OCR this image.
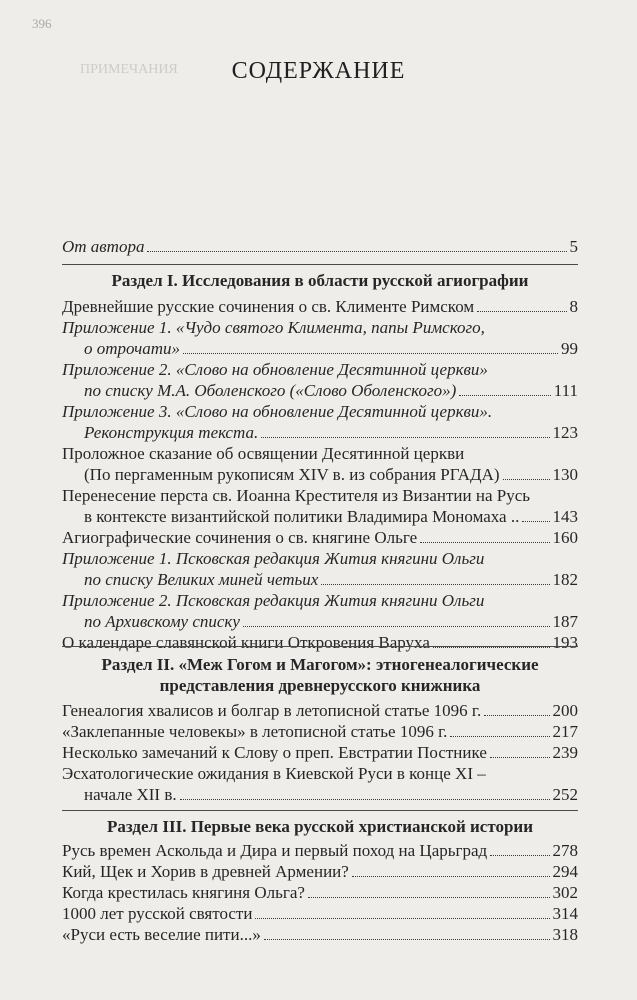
396
ПРИМЕЧАНИЯ

	СОДЕРЖАНИЕ
От автора	5
Раздел I. Исследования в области русской агиографии
Древнейшие русские сочинения о св. Клименте Римском	8
Приложение 1. «Чудо святого Климента, папы Римского,
о отрочати»	99
Приложение 2. «Слово на обновление Десятинной церкви»
по списку М.А. Оболенского («Слово Оболенского»)	111
Приложение 3. «Слово на обновление Десятинной церкви».
Реконструкция текста.	123
Проложное сказание об освящении Десятинной церкви
(По пергаменным рукописям XIV в. из собрания РГАДА)	130
Перенесение перста св. Иоанна Крестителя из Византии на Русь
в контексте византийской политики Владимира Мономаха .. 143
Агиографические сочинения о св. княгине Ольге	160
Приложение 1. Псковская редакция Жития княгини Ольги
по списку Великих миней четьих	182
Приложение 2. Псковская редакция Жития княгини Ольги
по Архивскому списку	187
О календаре славянской книги Откровения Варуха	193
Раздел II. «Меж Гогом и Магогом»: этногенеалогические
представления древнерусского книжника
Генеалогия хвалисов и болгар в летописной статье 1096 г.	200
«Заклепанные человекы» в летописной статье 1096 г.	217
Несколько замечаний к Слову о преп. Евстратии Постнике	239
Эсхатологические ожидания в Киевской Руси в конце XI –
начале XII в.	252
Раздел III. Первые века русской христианской истории
Русь времен Аскольда и Дира и первый поход на Царьград	278
Кий, Щек и Хорив в древней Армении?	294
Когда крестилась княгиня Ольга?	302
1000 лет русской святости	314
«Руси есть веселие пити...»	318
